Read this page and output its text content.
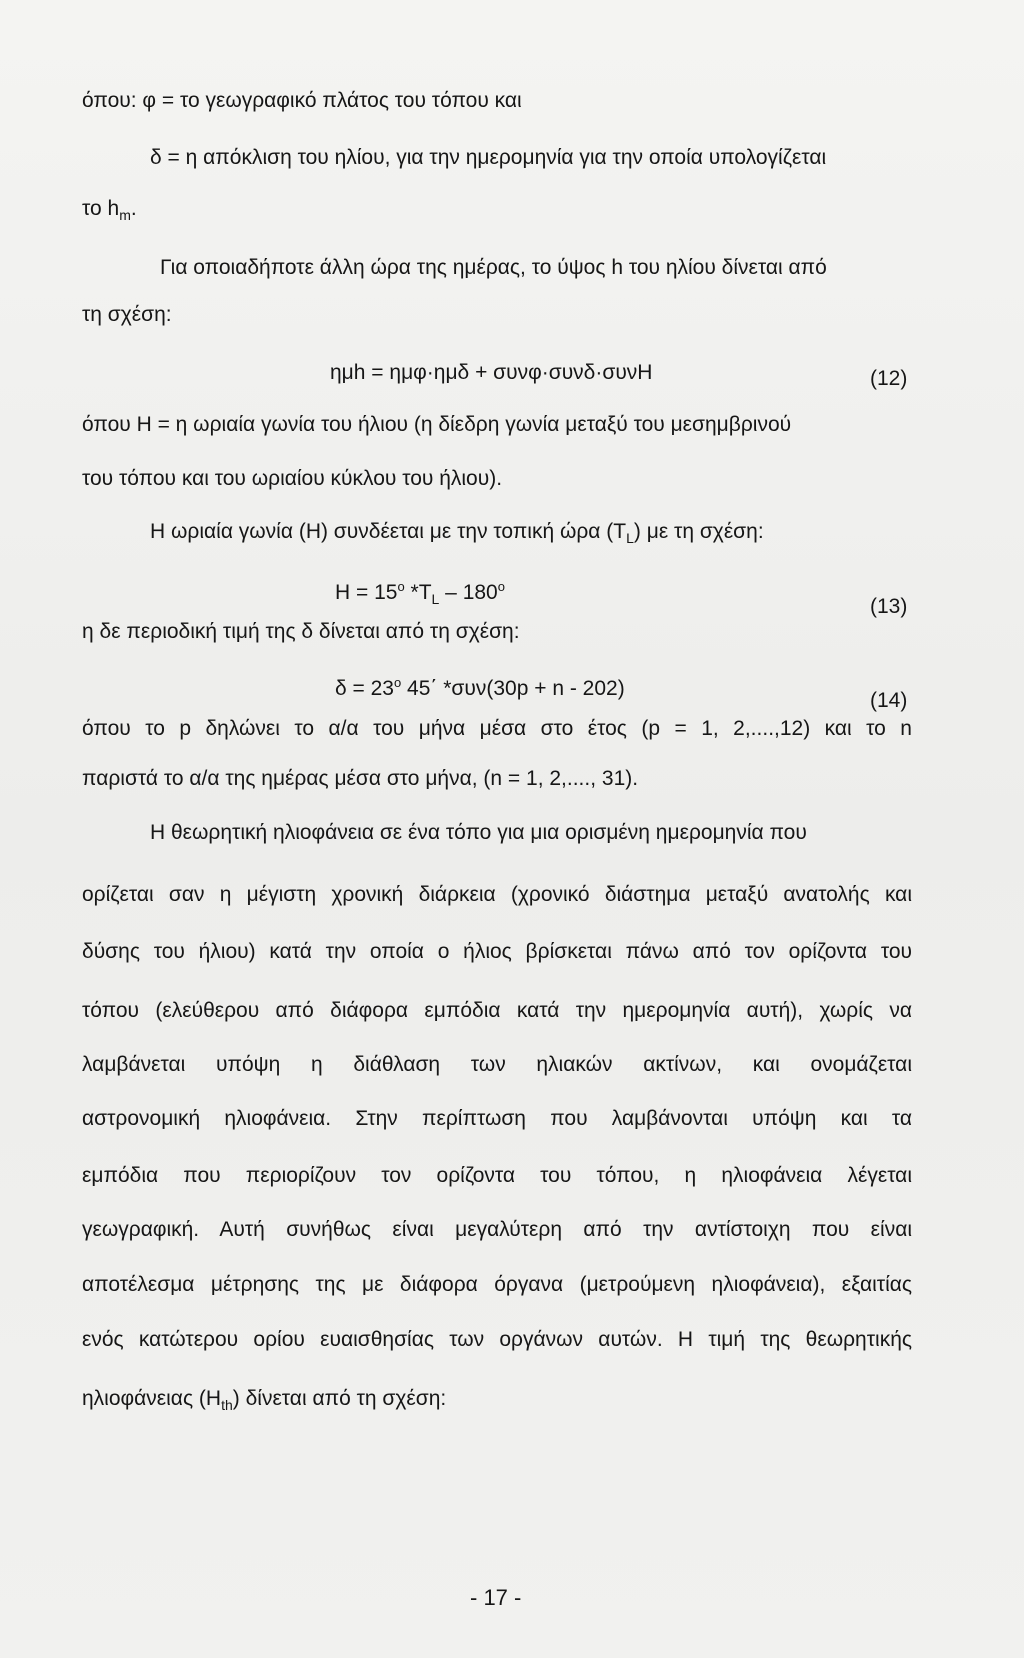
όπου: φ = το γεωγραφικό πλάτος του τόπου και
δ = η απόκλιση του ηλίου, για την ημερομηνία για την οποία υπολογίζεται
το $h_m$.
Για οποιαδήποτε άλλη ώρα της ημέρας, το ύψος h του ηλίου δίνεται από
τη σχέση:
ημh = ημφ·ημδ + συνφ·συνδ·συνH	(12)
όπου Η = η ωριαία γωνία του ήλιου (η δίεδρη γωνία μεταξύ του μεσημβρινού
του τόπου και του ωριαίου κύκλου του ήλιου).
Η ωριαία γωνία (Η) συνδέεται με την τοπική ώρα $(T_L)$ με τη σχέση:
$H = 15^o$ $*T_L - 180^o$
(13)
η δε περιοδική τιμή της δ δίνεται από τη σχέση:
$\delta = 23^o$ 45΄ *συν(30p + n - 202)
(14)
όπου το p δηλώνει το α/α του μήνα μέσα στο έτος (p = 1, 2,....,12) και το n
παριστά το α/α της ημέρας μέσα στο μήνα, (n = 1, 2,...., 31).
Η θεωρητική ηλιοφάνεια σε ένα τόπο για μια ορισμένη ημερομηνία που
ορίζεται σαν η μέγιστη χρονική διάρκεια (χρονικό διάστημα μεταξύ ανατολής και
δύσης του ήλιου) κατά την οποία ο ήλιος βρίσκεται πάνω από τον ορίζοντα του
τόπου (ελεύθερου από διάφορα εμπόδια κατά την ημερομηνία αυτή), χωρίς να
λαμβάνεται υπόψη η διάθλαση των ηλιακών ακτίνων, και ονομάζεται
αστρονομική ηλιοφάνεια. Στην περίπτωση που λαμβάνονται υπόψη και τα
εμπόδια που περιορίζουν τον ορίζοντα του τόπου, η ηλιοφάνεια λέγεται
γεωγραφική. Αυτή συνήθως είναι μεγαλύτερη από την αντίστοιχη που είναι
αποτέλεσμα μέτρησης της με διάφορα όργανα (μετρούμενη ηλιοφάνεια), εξαιτίας
ενός κατώτερου ορίου ευαισθησίας των οργάνων αυτών. Η τιμή της θεωρητικής
ηλιοφάνειας $(H_{th})$ δίνεται από τη σχέση:
- 17 -
